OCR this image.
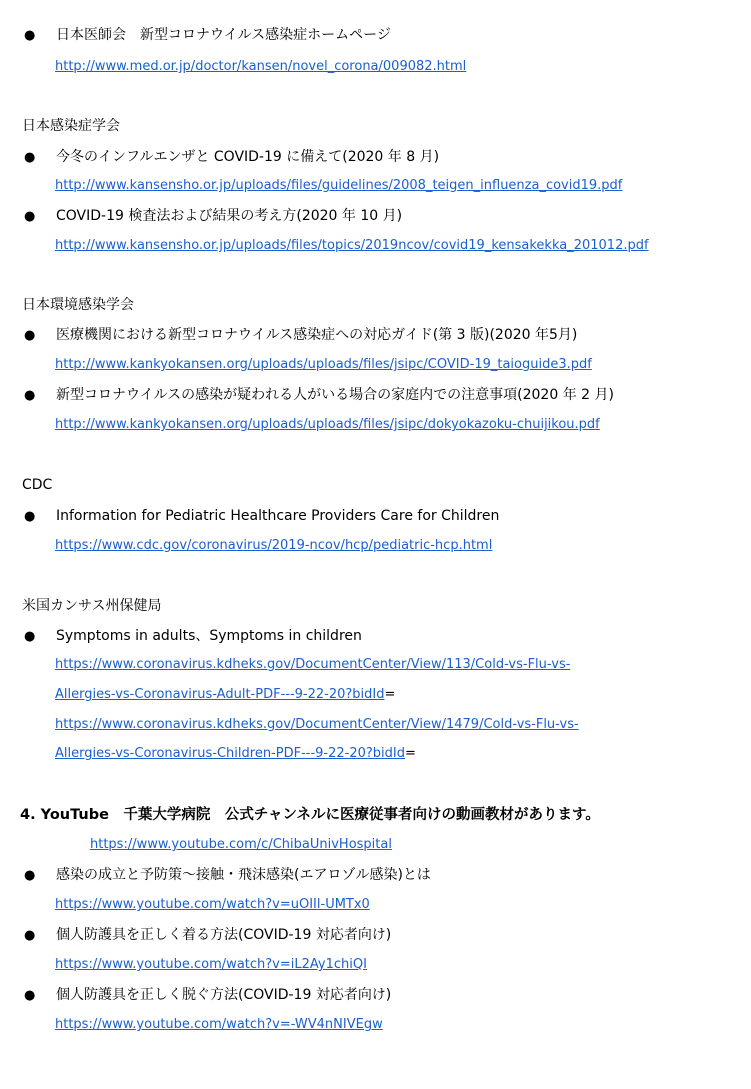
● 日本医師会　新型コロナウイルス感染症ホームページ
http://www.med.or.jp/doctor/kansen/novel_corona/009082.html
日本感染症学会
● 今冬のインフルエンザと COVID-19 に備えて(2020 年 8 月)
http://www.kansensho.or.jp/uploads/files/guidelines/2008_teigen_influenza_covid19.pdf
● COVID-19 検査法および結果の考え方(2020 年 10 月)
http://www.kansensho.or.jp/uploads/files/topics/2019ncov/covid19_kensakekka_201012.pdf
日本環境感染学会
● 医療機関における新型コロナウイルス感染症への対応ガイド(第 3 版)(2020 年5月)
http://www.kankyokansen.org/uploads/uploads/files/jsipc/COVID-19_taioguide3.pdf
● 新型コロナウイルスの感染が疑われる人がいる場合の家庭内での注意事項(2020 年 2 月)
http://www.kankyokansen.org/uploads/uploads/files/jsipc/dokyokazoku-chuijikou.pdf
CDC
● Information for Pediatric Healthcare Providers Care for Children
https://www.cdc.gov/coronavirus/2019-ncov/hcp/pediatric-hcp.html
米国カンサス州保健局
● Symptoms in adults、Symptoms in children
https://www.coronavirus.kdheks.gov/DocumentCenter/View/113/Cold-vs-Flu-vs-
Allergies-vs-Coronavirus-Adult-PDF---9-22-20?bidId=
https://www.coronavirus.kdheks.gov/DocumentCenter/View/1479/Cold-vs-Flu-vs-
Allergies-vs-Coronavirus-Children-PDF---9-22-20?bidId=
4. YouTube　千葉大学病院　公式チャンネルに医療従事者向けの動画教材があります。
https://www.youtube.com/c/ChibaUnivHospital
● 感染の成立と予防策～接触・飛沫感染(エアロゾル感染)とは
https://www.youtube.com/watch?v=uOIIl-UMTx0
● 個人防護具を正しく着る方法(COVID-19 対応者向け)
https://www.youtube.com/watch?v=iL2Ay1chiQI
● 個人防護具を正しく脱ぐ方法(COVID-19 対応者向け)
https://www.youtube.com/watch?v=-WV4nNIVEgw
